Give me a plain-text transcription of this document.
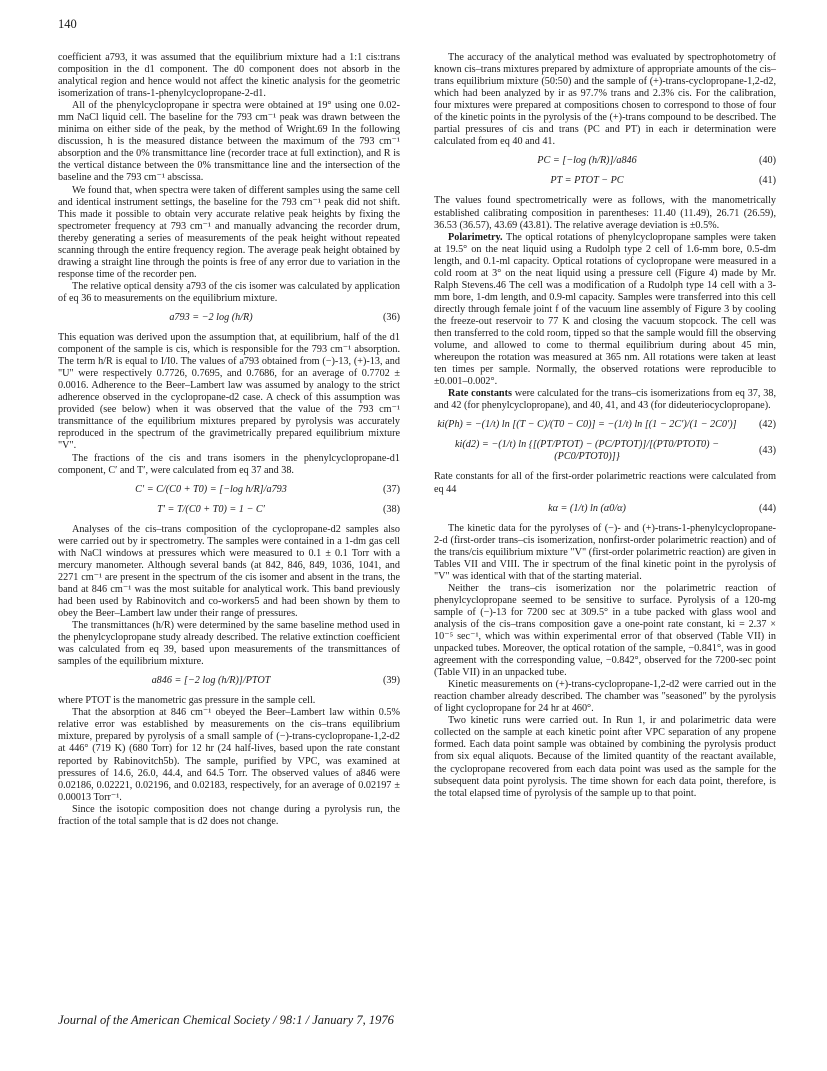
140

coefficient a793, it was assumed that the equilibrium mixture had a 1:1 cis:trans composition in the d1 component. The d0 component does not absorb in the analytical region and hence would not affect the kinetic analysis for the geometric isomerization of trans-1-phenylcyclopropane-2-d1.

All of the phenylcyclopropane ir spectra were obtained at 19° using one 0.02-mm NaCl liquid cell. The baseline for the 793 cm⁻¹ peak was drawn between the minima on either side of the peak, by the method of Wright.69 In the following discussion, h is the measured distance between the maximum of the 793 cm⁻¹ absorption and the 0% transmittance line (recorder trace at full extinction), and R is the vertical distance between the 0% transmittance line and the intersection of the baseline and the 793 cm⁻¹ abscissa.

We found that, when spectra were taken of different samples using the same cell and identical instrument settings, the baseline for the 793 cm⁻¹ peak did not shift. This made it possible to obtain very accurate relative peak heights by fixing the spectrometer frequency at 793 cm⁻¹ and manually advancing the recorder drum, thereby generating a series of measurements of the peak height without repeated scanning through the entire frequency region. The average peak height obtained by drawing a straight line through the points is free of any error due to variation in the response time of the recorder pen.

The relative optical density a793 of the cis isomer was calculated by application of eq 36 to measurements on the equilibrium mixture.

a793 = −2 log (h/R)	(36)

This equation was derived upon the assumption that, at equilibrium, half of the d1 component of the sample is cis, which is responsible for the 793 cm⁻¹ absorption. The term h/R is equal to I/I0. The values of a793 obtained from (−)-13, (+)-13, and "U" were respectively 0.7726, 0.7695, and 0.7686, for an average of 0.7702 ± 0.0016. Adherence to the Beer–Lambert law was assumed by analogy to the strict adherence observed in the cyclopropane-d2 case. A check of this assumption was provided (see below) when it was observed that the value of the 793 cm⁻¹ transmittance of the equilibrium mixtures prepared by pyrolysis was accurately reproduced in the spectrum of the gravimetrically prepared equilibrium mixture "V".

The fractions of the cis and trans isomers in the phenylcyclopropane-d1 component, C′ and T′, were calculated from eq 37 and 38.

C′ = C/(C0 + T0) = [−log h/R]/a793	(37)
T′ = T/(C0 + T0) = 1 − C′	(38)

Analyses of the cis–trans composition of the cyclopropane-d2 samples also were carried out by ir spectrometry. The samples were contained in a 1-dm gas cell with NaCl windows at pressures which were measured to 0.1 ± 0.1 Torr with a mercury manometer. Although several bands (at 842, 846, 849, 1036, 1041, and 2271 cm⁻¹ are present in the spectrum of the cis isomer and absent in the trans, the band at 846 cm⁻¹ was the most suitable for analytical work. This band previously had been used by Rabinovitch and co-workers5 and had been shown by them to obey the Beer–Lambert law under their range of pressures.

The transmittances (h/R) were determined by the same baseline method used in the phenylcyclopropane study already described. The relative extinction coefficient was calculated from eq 39, based upon measurements of the transmittances of samples of the equilibrium mixture.

a846 = [−2 log (h/R)]/PTOT	(39)

where PTOT is the manometric gas pressure in the sample cell.

That the absorption at 846 cm⁻¹ obeyed the Beer–Lambert law within 0.5% relative error was established by measurements on the cis–trans equilibrium mixture, prepared by pyrolysis of a small sample of (−)-trans-cyclopropane-1,2-d2 at 446° (719 K) (680 Torr) for 12 hr (24 half-lives, based upon the rate constant reported by Rabinovitch5b). The sample, purified by VPC, was examined at pressures of 14.6, 26.0, 44.4, and 64.5 Torr. The observed values of a846 were 0.02186, 0.02221, 0.02196, and 0.02183, respectively, for an average of 0.02197 ± 0.00013 Torr⁻¹.

Since the isotopic composition does not change during a pyrolysis run, the fraction of the total sample that is d2 does not change.

The accuracy of the analytical method was evaluated by spectrophotometry of known cis–trans mixtures prepared by admixture of appropriate amounts of the cis–trans equilibrium mixture (50:50) and the sample of (+)-trans-cyclopropane-1,2-d2, which had been analyzed by ir as 97.7% trans and 2.3% cis. For the calibration, four mixtures were prepared at compositions chosen to correspond to those of four of the kinetic points in the pyrolysis of the (+)-trans compound to be described. The partial pressures of cis and trans (PC and PT) in each ir determination were calculated from eq 40 and 41.

PC = [−log (h/R)]/a846	(40)
PT = PTOT − PC	(41)

The values found spectrometrically were as follows, with the manometrically established calibrating composition in parentheses: 11.40 (11.49), 26.71 (26.59), 36.53 (36.57), 43.69 (43.81). The relative average deviation is ±0.5%.

Polarimetry. The optical rotations of phenylcyclopropane samples were taken at 19.5° on the neat liquid using a Rudolph type 2 cell of 1.6-mm bore, 0.5-dm length, and 0.1-ml capacity. Optical rotations of cyclopropane were measured in a cold room at 3° on the neat liquid using a pressure cell (Figure 4) made by Mr. Ralph Stevens.46 The cell was a modification of a Rudolph type 14 cell with a 3-mm bore, 1-dm length, and 0.9-ml capacity. Samples were transferred into this cell directly through female joint f of the vacuum line assembly of Figure 3 by cooling the freeze-out reservoir to 77 K and closing the vacuum stopcock. The cell was then transferred to the cold room, tipped so that the sample would fill the observing volume, and allowed to come to thermal equilibrium during about 45 min, whereupon the rotation was measured at 365 nm. All rotations were taken at least ten times per sample. Normally, the observed rotations were reproducible to ±0.001–0.002°.

Rate constants were calculated for the trans–cis isomerizations from eq 37, 38, and 42 (for phenylcyclopropane), and 40, 41, and 43 (for dideuteriocyclopropane).

ki(Ph) = −(1/t) ln [(T − C)/(T0 − C0)] = −(1/t) ln [(1 − 2C′)/(1 − 2C0′)]	(42)
ki(d2) = −(1/t) ln {[(PT/PTOT) − (PC/PTOT)]/[(PT0/PTOT0) − (PC0/PTOT0)]}
(43)

Rate constants for all of the first-order polarimetric reactions were calculated from eq 44

kα = (1/t) ln (α0/α)	(44)

The kinetic data for the pyrolyses of (−)- and (+)-trans-1-phenylcyclopropane-2-d (first-order trans–cis isomerization, nonfirst-order polarimetric reaction) and of the trans/cis equilibrium mixture "V" (first-order polarimetric reaction) are given in Tables VII and VIII. The ir spectrum of the final kinetic point in the pyrolysis of "V" was identical with that of the starting material.

Neither the trans–cis isomerization nor the polarimetric reaction of phenylcyclopropane seemed to be sensitive to surface. Pyrolysis of a 120-mg sample of (−)-13 for 7200 sec at 309.5° in a tube packed with glass wool and analysis of the cis–trans composition gave a one-point rate constant, ki = 2.37 × 10⁻⁵ sec⁻¹, which was within experimental error of that observed (Table VII) in unpacked tubes. Moreover, the optical rotation of the sample, −0.841°, was in good agreement with the corresponding value, −0.842°, observed for the 7200-sec point (Table VII) in an unpacked tube.

Kinetic measurements on (+)-trans-cyclopropane-1,2-d2 were carried out in the reaction chamber already described. The chamber was "seasoned" by the pyrolysis of light cyclopropane for 24 hr at 460°.

Two kinetic runs were carried out. In Run 1, ir and polarimetric data were collected on the sample at each kinetic point after VPC separation of any propene formed. Each data point sample was obtained by combining the pyrolysis product from six equal aliquots. Because of the limited quantity of the reactant available, the cyclopropane recovered from each data point was used as the sample for the subsequent data point pyrolysis. The time shown for each data point, therefore, is the total elapsed time of pyrolysis of the sample up to that point.

Journal of the American Chemical Society / 98:1 / January 7, 1976
